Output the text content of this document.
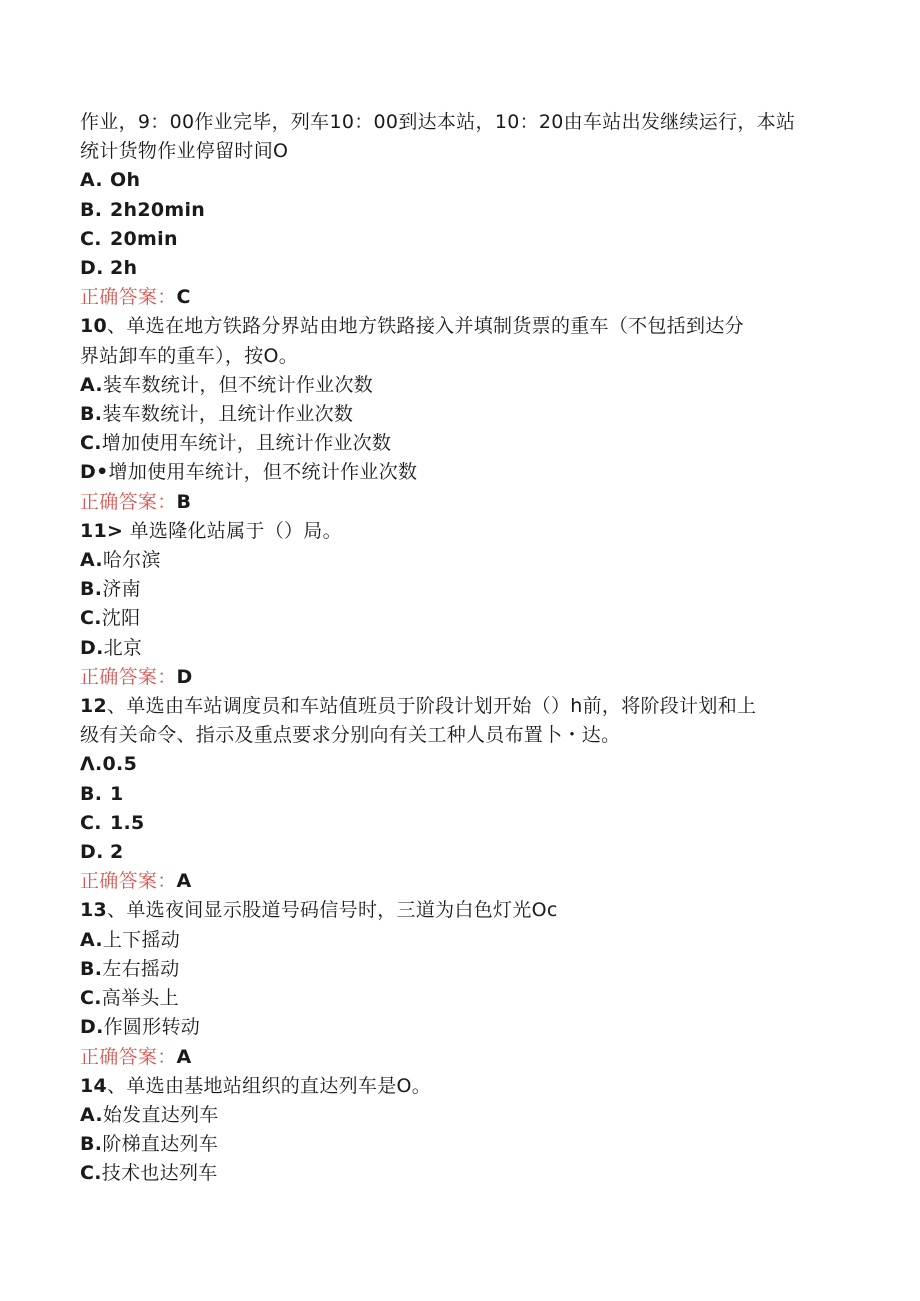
作业，9：00作业完毕，列车10：00到达本站，10：20由车站出发继续运行，本站
统计货物作业停留时间O
A. Oh
B. 2h20min
C. 20min
D. 2h
正确答案：C
10、单选在地方铁路分界站由地方铁路接入并填制货票的重车（不包括到达分
界站卸车的重车），按O。
A.装车数统计，但不统计作业次数
B.装车数统计，且统计作业次数
C.增加使用车统计，且统计作业次数
D•增加使用车统计，但不统计作业次数
正确答案：B
11> 单选隆化站属于（）局。
A.哈尔滨
B.济南
C.沈阳
D.北京
正确答案：D
12、单选由车站调度员和车站值班员于阶段计划开始（）h前，将阶段计划和上
级有关命令、指示及重点要求分别向有关工种人员布置卜・达。
Λ.0.5
B. 1
C. 1.5
D. 2
正确答案：A
13、单选夜间显示股道号码信号时，三道为白色灯光Oc
A.上下摇动
B.左右摇动
C.高举头上
D.作圆形转动
正确答案：A
14、单选由基地站组织的直达列车是O。
A.始发直达列车
B.阶梯直达列车
C.技术也达列车
